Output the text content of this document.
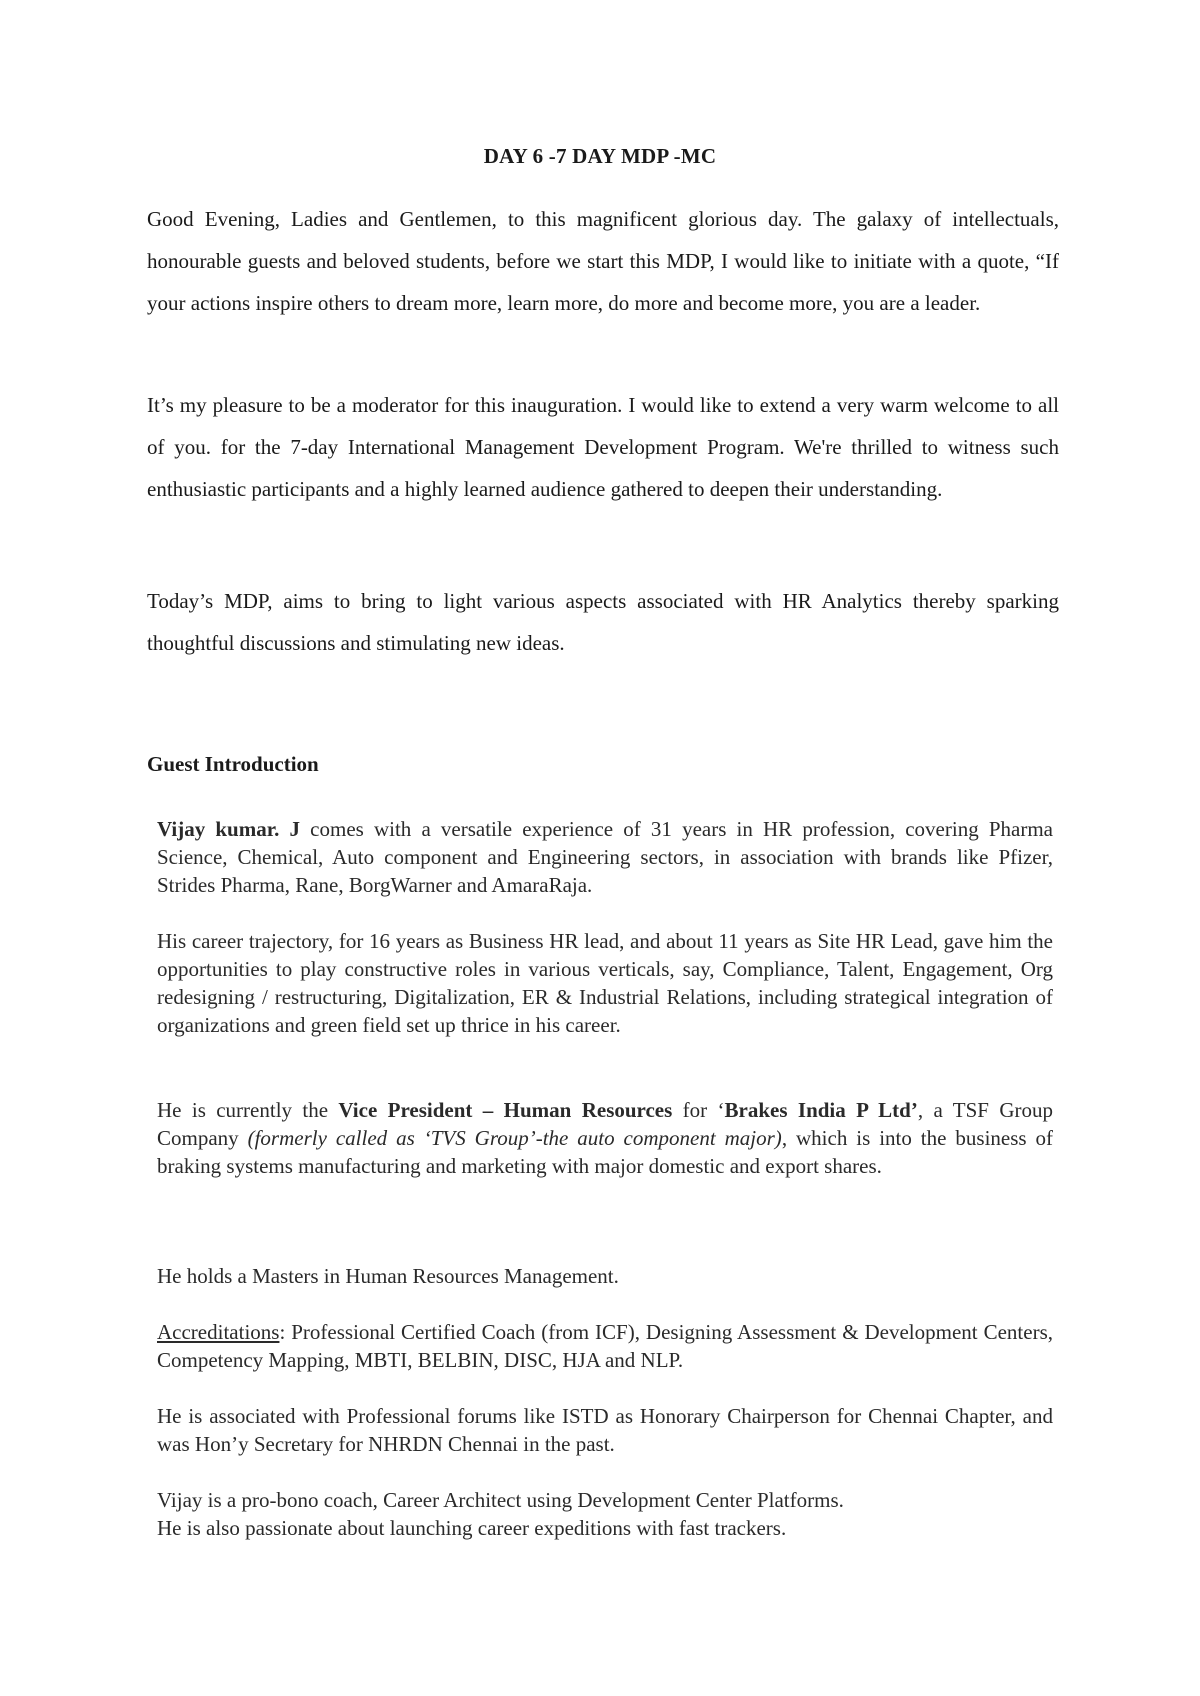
DAY 6 -7 DAY MDP -MC

Good Evening, Ladies and Gentlemen, to this magnificent glorious day. The galaxy of intellectuals, honourable guests and beloved students, before we start this MDP, I would like to initiate with a quote, “If your actions inspire others to dream more, learn more, do more and become more, you are a leader.

It’s my pleasure to be a moderator for this inauguration. I would like to extend a very warm welcome to all of you. for the 7-day International Management Development Program. We're thrilled to witness such enthusiastic participants and a highly learned audience gathered to deepen their understanding.

Today’s MDP, aims to bring to light various aspects associated with HR Analytics thereby sparking thoughtful discussions and stimulating new ideas.

Guest Introduction

Vijay kumar. J comes with a versatile experience of 31 years in HR profession, covering Pharma Science, Chemical, Auto component and Engineering sectors, in association with brands like Pfizer, Strides Pharma, Rane, BorgWarner and AmaraRaja.

His career trajectory, for 16 years as Business HR lead, and about 11 years as Site HR Lead, gave him the opportunities to play constructive roles in various verticals, say, Compliance, Talent, Engagement, Org redesigning / restructuring, Digitalization, ER & Industrial Relations, including strategical integration of organizations and green field set up thrice in his career.

He is currently the Vice President – Human Resources for ‘Brakes India P Ltd’, a TSF Group Company (formerly called as ‘TVS Group’-the auto component major), which is into the business of braking systems manufacturing and marketing with major domestic and export shares.

He holds a Masters in Human Resources Management.

Accreditations: Professional Certified Coach (from ICF), Designing Assessment & Development Centers, Competency Mapping, MBTI, BELBIN, DISC, HJA and NLP.

He is associated with Professional forums like ISTD as Honorary Chairperson for Chennai Chapter, and was Hon’y Secretary for NHRDN Chennai in the past.

Vijay is a pro-bono coach, Career Architect using Development Center Platforms.

He is also passionate about launching career expeditions with fast trackers.
